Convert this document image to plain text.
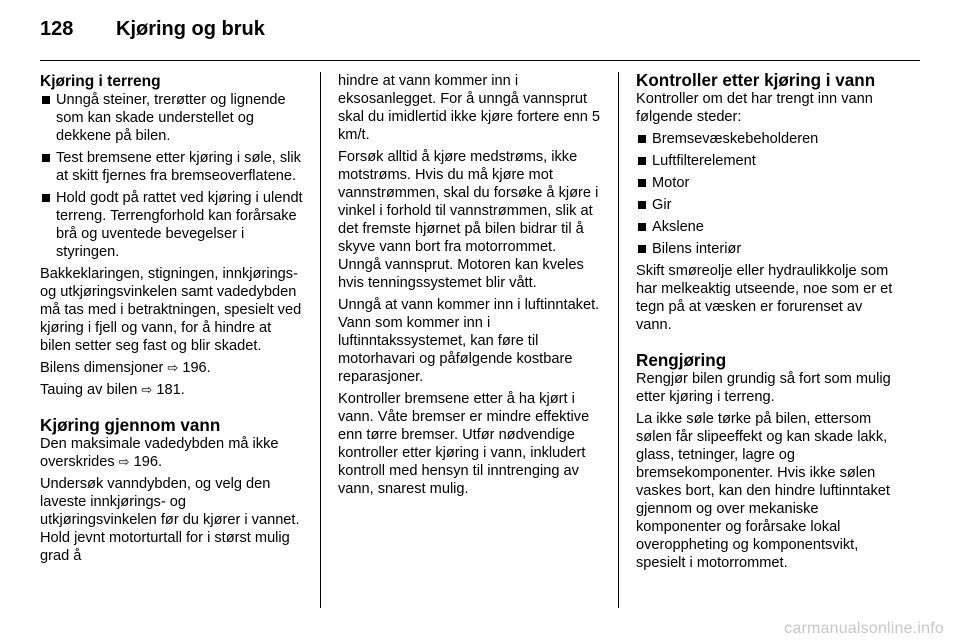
128 Kjøring og bruk
Kjøring i terreng
Unngå steiner, trerøtter og lignende som kan skade understellet og dekkene på bilen.
Test bremsene etter kjøring i søle, slik at skitt fjernes fra bremseoverflatene.
Hold godt på rattet ved kjøring i ulendt terreng. Terrengforhold kan forårsake brå og uventede bevegelser i styringen.

Bakkeklaringen, stigningen, innkjørings- og utkjøringsvinkelen samt vadedybden må tas med i betraktningen, spesielt ved kjøring i fjell og vann, for å hindre at bilen setter seg fast og blir skadet.

Bilens dimensjoner ⇨ 196.

Tauing av bilen ⇨ 181.

Kjøring gjennom vann

Den maksimale vadedybden må ikke overskrides ⇨ 196.

Undersøk vanndybden, og velg den laveste innkjørings- og utkjøringsvinkelen før du kjører i vannet. Hold jevnt motorturtall for i størst mulig grad å

hindre at vann kommer inn i eksosanlegget. For å unngå vannsprut skal du imidlertid ikke kjøre fortere enn 5 km/t.

Forsøk alltid å kjøre medstrøms, ikke motstrøms. Hvis du må kjøre mot vannstrømmen, skal du forsøke å kjøre i vinkel i forhold til vannstrømmen, slik at det fremste hjørnet på bilen bidrar til å skyve vann bort fra motorrommet. Unngå vannsprut. Motoren kan kveles hvis tenningssystemet blir vått.

Unngå at vann kommer inn i luftinntaket. Vann som kommer inn i luftinntakssystemet, kan føre til motorhavari og påfølgende kostbare reparasjoner.

Kontroller bremsene etter å ha kjørt i vann. Våte bremser er mindre effektive enn tørre bremser. Utfør nødvendige kontroller etter kjøring i vann, inkludert kontroll med hensyn til inntrenging av vann, snarest mulig.

Kontroller etter kjøring i vann

Kontroller om det har trengt inn vann følgende steder:

Bremsevæskebeholderen
Luftfilterelement
Motor
Gir
Akslene
Bilens interiør

Skift smøreolje eller hydraulikkolje som har melkeaktig utseende, noe som er et tegn på at væsken er forurenset av vann.

Rengjøring

Rengjør bilen grundig så fort som mulig etter kjøring i terreng.

La ikke søle tørke på bilen, ettersom sølen får slipeeffekt og kan skade lakk, glass, tetninger, lagre og bremsekomponenter. Hvis ikke sølen vaskes bort, kan den hindre luftinntaket gjennom og over mekaniske komponenter og forårsake lokal overoppheting og komponentsvikt, spesielt i motorrommet.

carmanualsonline.info
